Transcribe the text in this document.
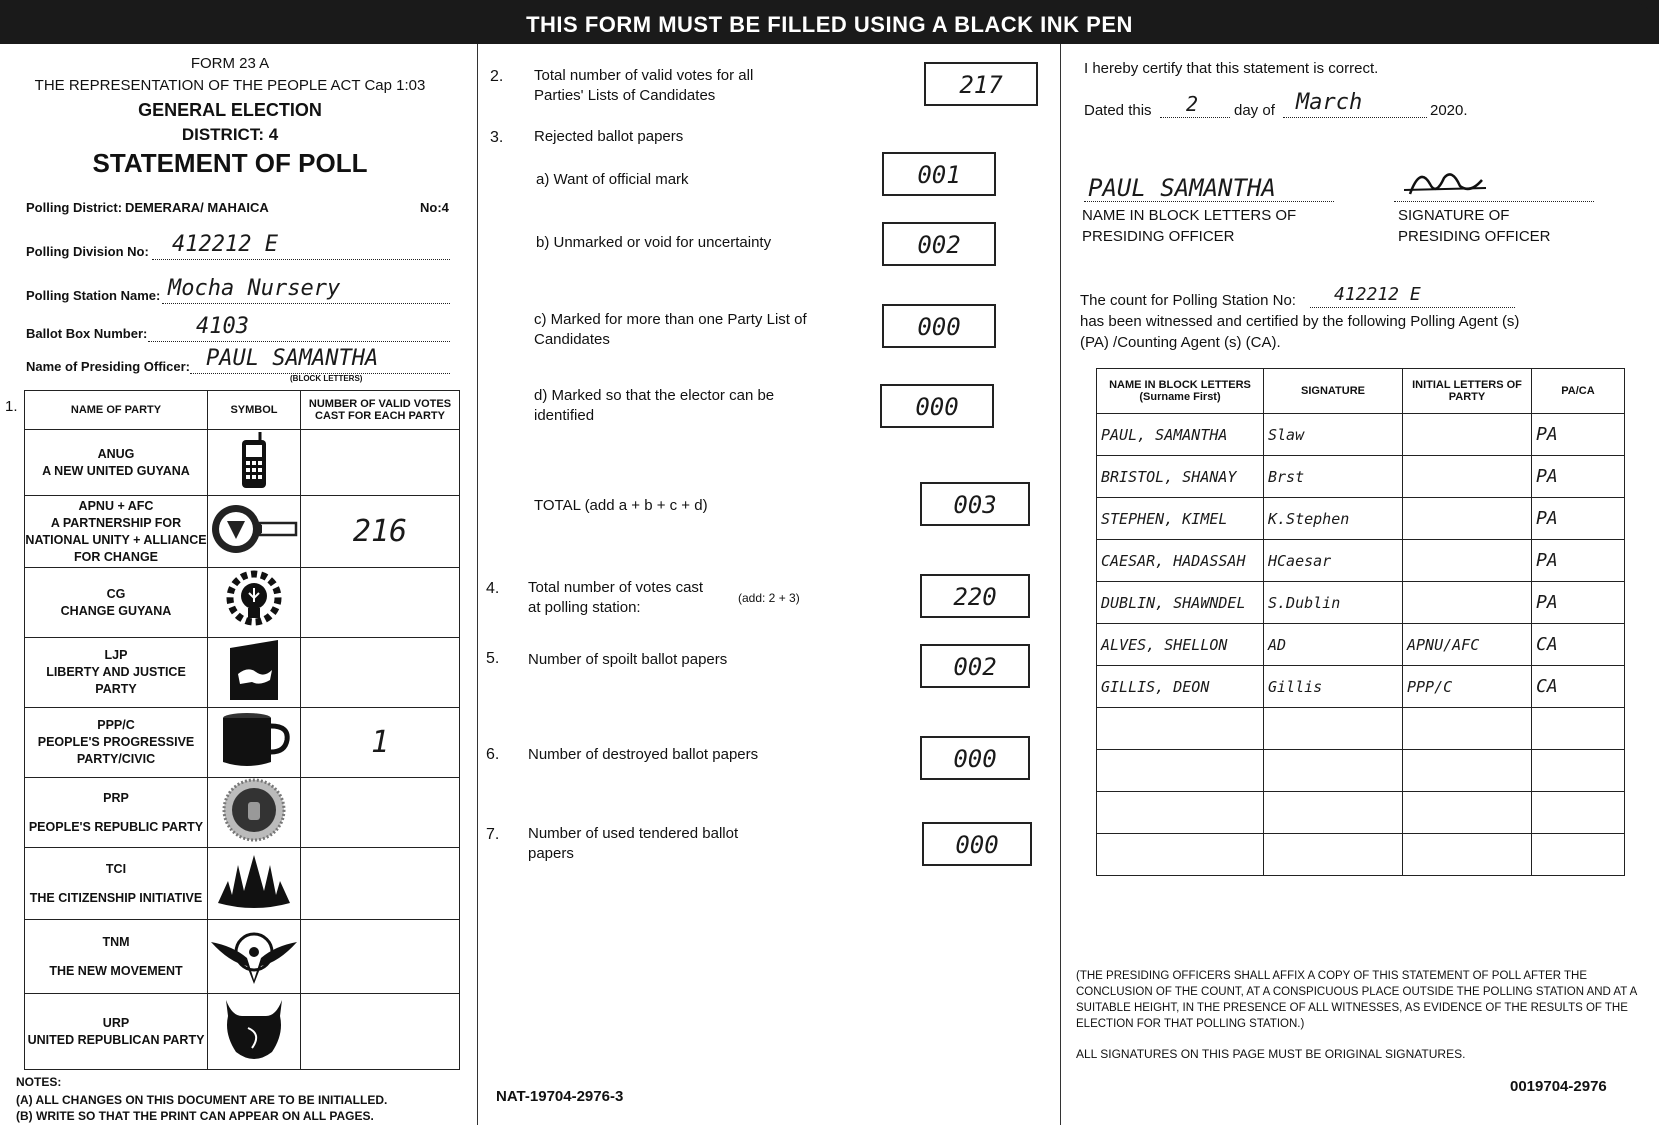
THIS FORM MUST BE FILLED USING A BLACK INK PEN
FORM 23 A
THE REPRESENTATION OF THE PEOPLE ACT Cap 1:03
GENERAL ELECTION
DISTRICT: 4
STATEMENT OF POLL
Polling District: DEMERARA/ MAHAICA	No:4
Polling Division No: 412212 E
Polling Station Name: Mocha Nursery
Ballot Box Number: 4103
Name of Presiding Officer: PAUL SAMANTHA
(BLOCK LETTERS)
1.	NAME OF PARTY	SYMBOL	NUMBER OF VALID VOTES CAST FOR EACH PARTY

ANUG
A NEW UNITED GUYANA

APNU + AFC
A PARTNERSHIP FOR NATIONAL UNITY + ALLIANCE FOR CHANGE		216

CG
CHANGE GUYANA

LJP
LIBERTY AND JUSTICE PARTY

PPP/C
PEOPLE'S PROGRESSIVE PARTY/CIVIC		1

PRP
PEOPLE'S REPUBLIC PARTY

TCI
THE CITIZENSHIP INITIATIVE

TNM
THE NEW MOVEMENT

URP
UNITED REPUBLICAN PARTY

NOTES:
(A) ALL CHANGES ON THIS DOCUMENT ARE TO BE INITIALLED.
(B) WRITE SO THAT THE PRINT CAN APPEAR ON ALL PAGES.
2. Total number of valid votes for all Parties' Lists of Candidates	217
3. Rejected ballot papers
a) Want of official mark	001
b) Unmarked or void for uncertainty	002
c) Marked for more than one Party List of Candidates	000
d) Marked so that the elector can be identified	000
TOTAL (add a + b + c + d)	003
4. Total number of votes cast at polling station:
(add: 2 + 3)	220
5. Number of spoilt ballot papers	002
6. Number of destroyed ballot papers	000
7. Number of used tendered ballot papers	000
NAT-19704-2976-3
I hereby certify that this statement is correct.
Dated this 2 day of March	2020.
PAUL SAMANTHA
NAME IN BLOCK LETTERS OF PRESIDING OFFICER
SIGNATURE OF PRESIDING OFFICER
The count for Polling Station No: 412212 E
has been witnessed and certified by the following Polling Agent (s) (PA) /Counting Agent (s) (CA).
NAME IN BLOCK LETTERS (Surname First)	SIGNATURE	INITIAL LETTERS OF PARTY	PA/CA
PAUL, SAMANTHA	Slaw		PA
BRISTOL, SHANAY	Brst		PA
STEPHEN, KIMEL	K.Stephen		PA
CAESAR, HADASSAH	HCaesar		PA
DUBLIN, SHAWNDEL	S.Dublin		PA
ALVES, SHELLON	AD	APNU/AFC	CA
GILLIS, DEON	Gillis	PPP/C	CA

(THE PRESIDING OFFICERS SHALL AFFIX A COPY OF THIS STATEMENT OF POLL AFTER THE CONCLUSION OF THE COUNT, AT A CONSPICUOUS PLACE OUTSIDE THE POLLING STATION AND AT A SUITABLE HEIGHT, IN THE PRESENCE OF ALL WITNESSES, AS EVIDENCE OF THE RESULTS OF THE ELECTION FOR THAT POLLING STATION.)
ALL SIGNATURES ON THIS PAGE MUST BE ORIGINAL SIGNATURES.
0019704-2976
